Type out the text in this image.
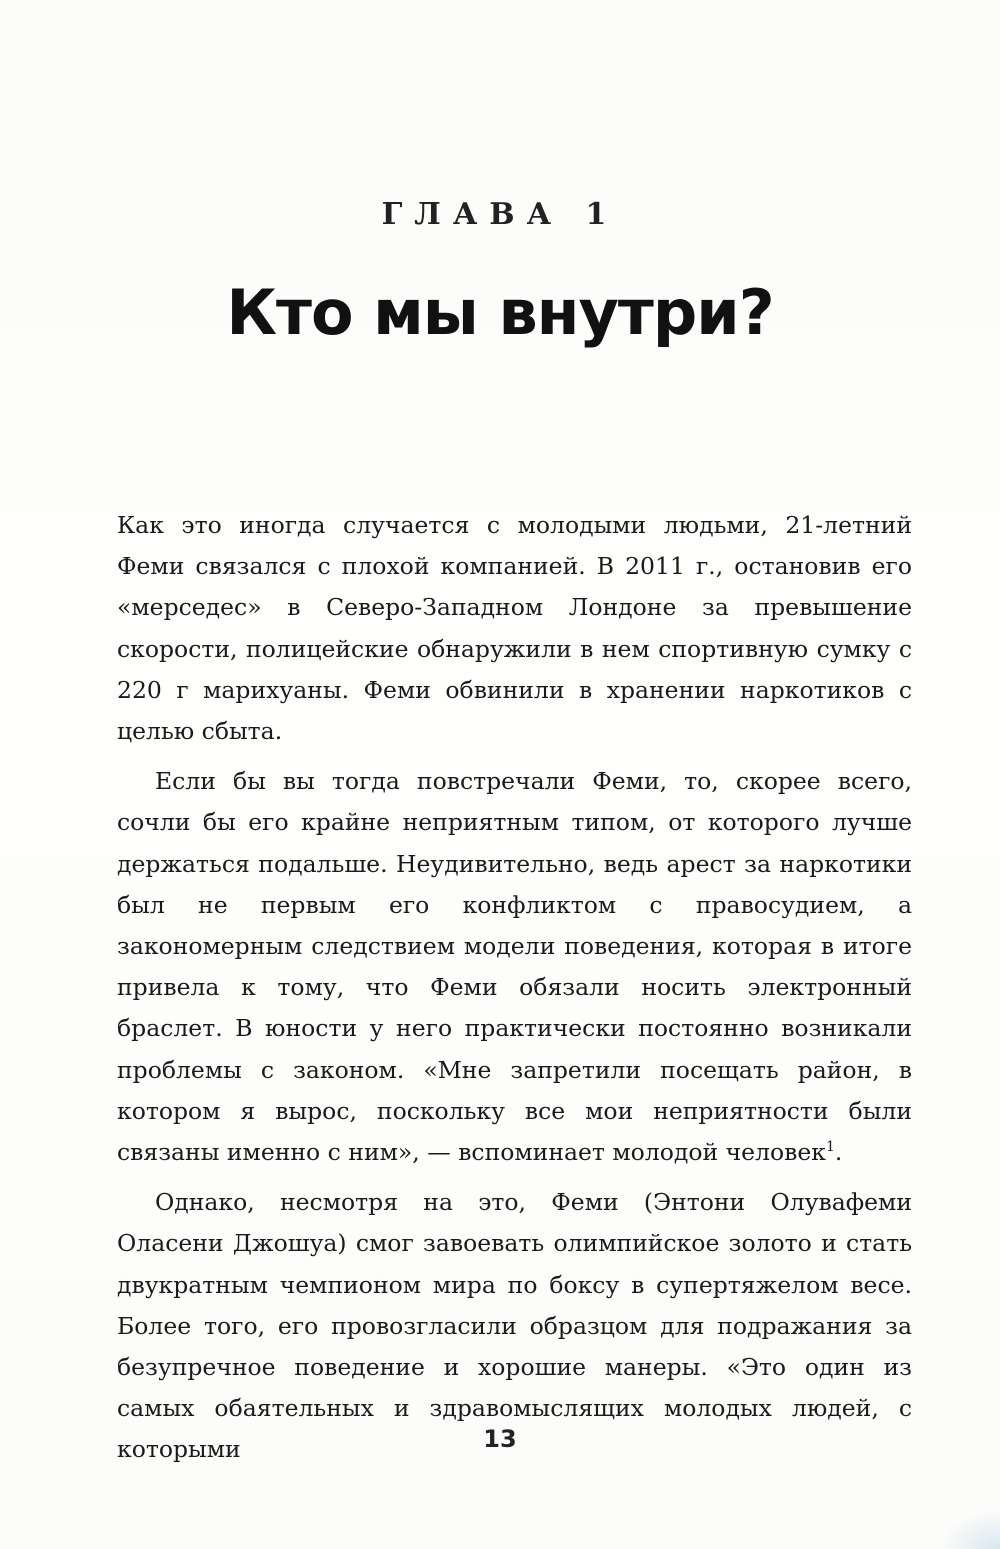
ГЛАВА 1
Кто мы внутри?

Как это иногда случается с молодыми людьми, 21-летний Феми связался с плохой компанией. В 2011 г., остановив его «мерседес» в Северо-Западном Лондоне за превышение скорости, полицейские обнаружили в нем спортивную сумку с 220 г марихуаны. Феми обвинили в хранении наркотиков с целью сбыта.

Если бы вы тогда повстречали Феми, то, скорее всего, сочли бы его крайне неприятным типом, от которого лучше держаться подальше. Неудивительно, ведь арест за наркотики был не первым его конфликтом с правосудием, а закономерным следствием модели поведения, которая в итоге привела к тому, что Феми обязали носить электронный браслет. В юности у него практически постоянно возникали проблемы с законом. «Мне запретили посещать район, в котором я вырос, поскольку все мои неприятности были связаны именно с ним», — вспоминает молодой человек$^1$.

Однако, несмотря на это, Феми (Энтони Олувафеми Оласени Джошуа) смог завоевать олимпийское золото и стать двукратным чемпионом мира по боксу в супертяжелом весе. Более того, его провозгласили образцом для подражания за безупречное поведение и хорошие манеры. «Это один из самых обаятельных и здравомыслящих молодых людей, с которыми	13
